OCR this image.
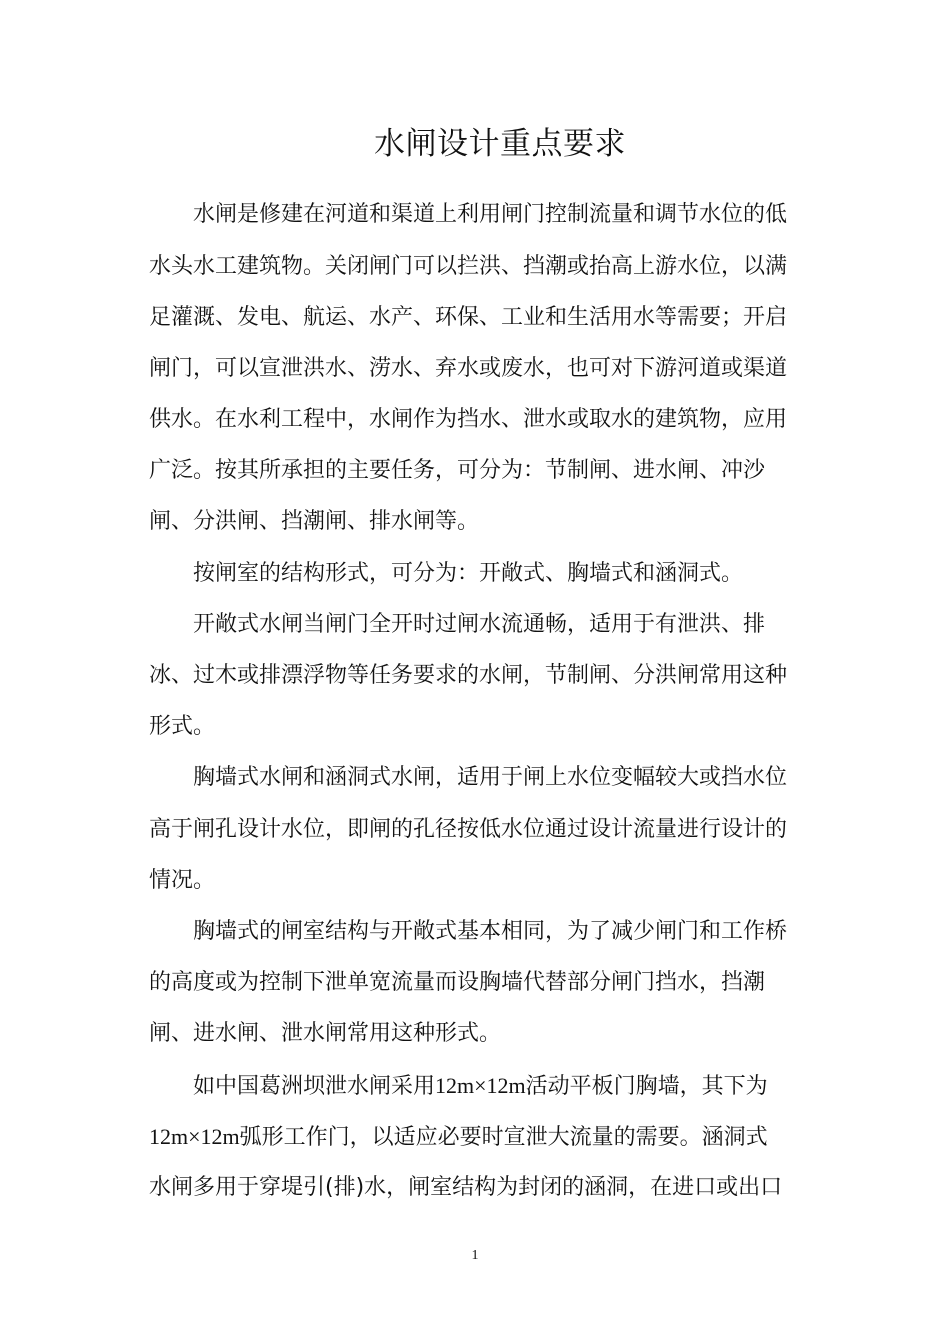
水闸设计重点要求
水闸是修建在河道和渠道上利用闸门控制流量和调节水位的低
水头水工建筑物。关闭闸门可以拦洪、挡潮或抬高上游水位，以满
足灌溉、发电、航运、水产、环保、工业和生活用水等需要；开启
闸门，可以宣泄洪水、涝水、弃水或废水，也可对下游河道或渠道
供水。在水利工程中，水闸作为挡水、泄水或取水的建筑物，应用
广泛。按其所承担的主要任务，可分为：节制闸、进水闸、冲沙
闸、分洪闸、挡潮闸、排水闸等。
按闸室的结构形式，可分为：开敞式、胸墙式和涵洞式。
开敞式水闸当闸门全开时过闸水流通畅，适用于有泄洪、排
冰、过木或排漂浮物等任务要求的水闸，节制闸、分洪闸常用这种
形式。
胸墙式水闸和涵洞式水闸，适用于闸上水位变幅较大或挡水位
高于闸孔设计水位，即闸的孔径按低水位通过设计流量进行设计的
情况。
胸墙式的闸室结构与开敞式基本相同，为了减少闸门和工作桥
的高度或为控制下泄单宽流量而设胸墙代替部分闸门挡水，挡潮
闸、进水闸、泄水闸常用这种形式。
如中国葛洲坝泄水闸采用12m×12m活动平板门胸墙，其下为
12m×12m弧形工作门，以适应必要时宣泄大流量的需要。涵洞式
水闸多用于穿堤引(排)水，闸室结构为封闭的涵洞，在进口或出口
1
